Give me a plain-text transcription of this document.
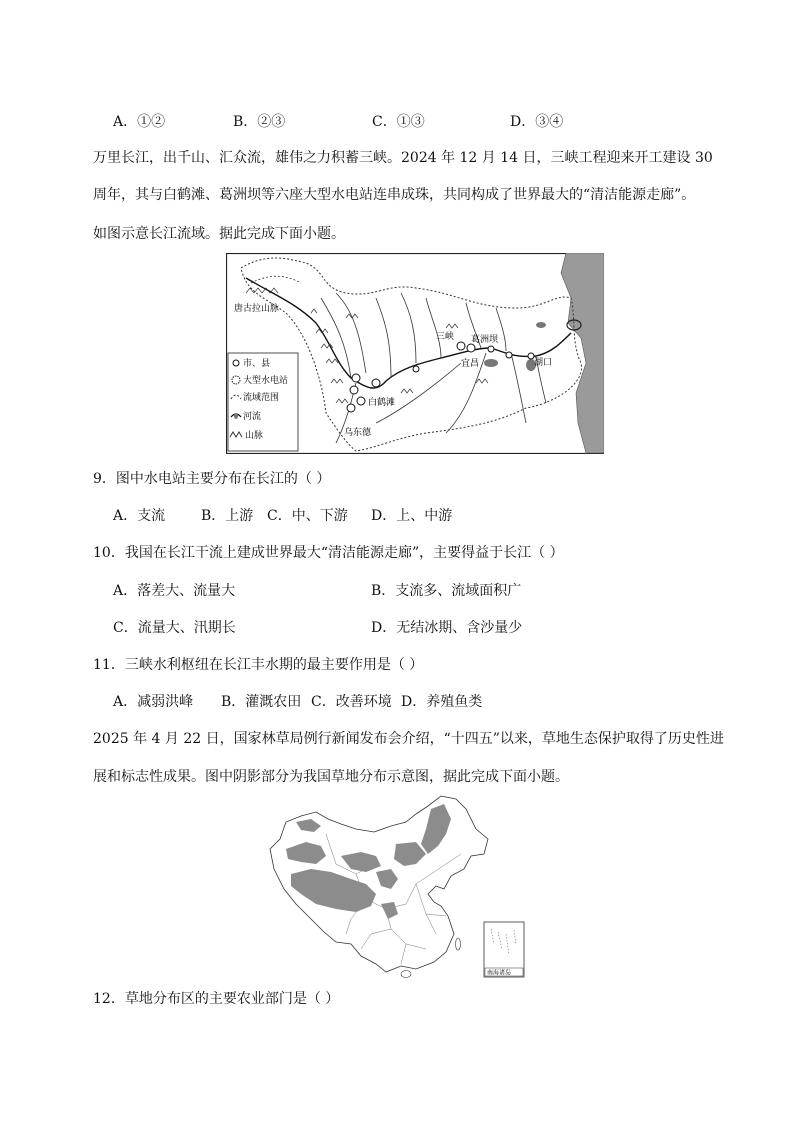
A．①②	B．②③	C．①③	D．③④
万里长江，出千山、汇众流，雄伟之力积蓄三峡。2024 年 12 月 14 日，三峡工程迎来开工建设 30
周年，其与白鹤滩、葛洲坝等六座大型水电站连串成珠，共同构成了世界最大的“清洁能源走廊”。
如图示意长江流域。据此完成下面小题。
唐古拉山脉
三峡 葛洲坝
宜昌	湖口
白鹤滩
乌东德
市、县
大型水电站
流域范围
河流
山脉
9．图中水电站主要分布在长江的（ ）
A．支流	B．上游 C．中、下游 D．上、中游
10．我国在长江干流上建成世界最大“清洁能源走廊”，主要得益于长江（ ）
A．落差大、流量大	B．支流多、流域面积广
C．流量大、汛期长	D．无结冰期、含沙量少
11．三峡水利枢纽在长江丰水期的最主要作用是（ ）
A．减弱洪峰 B．灌溉农田 C．改善环境 D．养殖鱼类
2025 年 4 月 22 日，国家林草局例行新闻发布会介绍，“十四五”以来，草地生态保护取得了历史性进
展和标志性成果。图中阴影部分为我国草地分布示意图，据此完成下面小题。
南海诸岛
12．草地分布区的主要农业部门是（ ）
